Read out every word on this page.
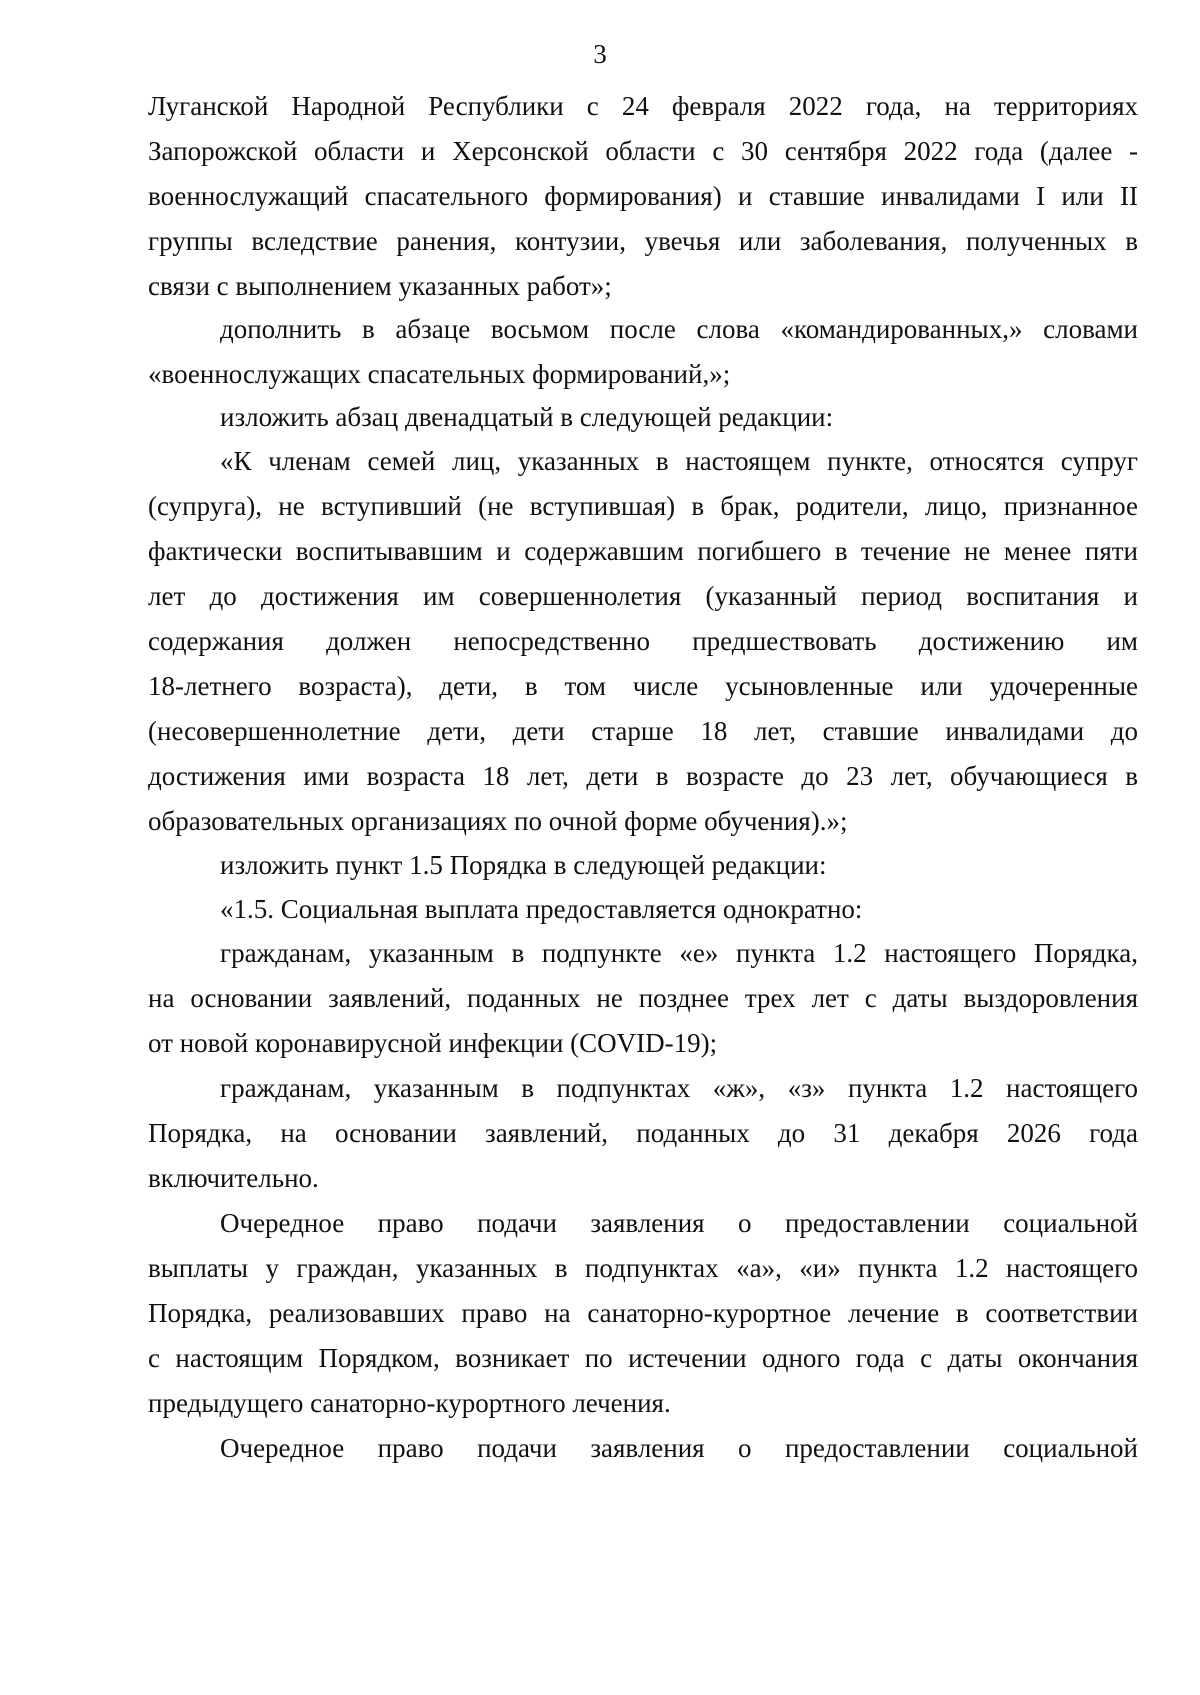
3
Луганской Народной Республики с 24 февраля 2022 года, на территориях
Запорожской области и Херсонской области с 30 сентября 2022 года (далее -
военнослужащий спасательного формирования) и ставшие инвалидами I или II
группы вследствие ранения, контузии, увечья или заболевания, полученных в
связи с выполнением указанных работ»;
дополнить в абзаце восьмом после слова «командированных,» словами
«военнослужащих спасательных формирований,»;
изложить абзац двенадцатый в следующей редакции:
«К членам семей лиц, указанных в настоящем пункте, относятся супруг
(супруга), не вступивший (не вступившая) в брак, родители, лицо, признанное
фактически воспитывавшим и содержавшим погибшего в течение не менее пяти
лет до достижения им совершеннолетия (указанный период воспитания и
содержания должен непосредственно предшествовать достижению им
18-летнего возраста), дети, в том числе усыновленные или удочеренные
(несовершеннолетние дети, дети старше 18 лет, ставшие инвалидами до
достижения ими возраста 18 лет, дети в возрасте до 23 лет, обучающиеся в
образовательных организациях по очной форме обучения).»;
изложить пункт 1.5 Порядка в следующей редакции:
«1.5. Социальная выплата предоставляется однократно:
гражданам, указанным в подпункте «е» пункта 1.2 настоящего Порядка,
на основании заявлений, поданных не позднее трех лет с даты выздоровления
от новой коронавирусной инфекции (COVID-19);
гражданам, указанным в подпунктах «ж», «з» пункта 1.2 настоящего
Порядка, на основании заявлений, поданных до 31 декабря 2026 года
включительно.
Очередное право подачи заявления о предоставлении социальной
выплаты у граждан, указанных в подпунктах «а», «и» пункта 1.2 настоящего
Порядка, реализовавших право на санаторно-курортное лечение в соответствии
с настоящим Порядком, возникает по истечении одного года с даты окончания
предыдущего санаторно-курортного лечения.
Очередное право подачи заявления о предоставлении социальной
